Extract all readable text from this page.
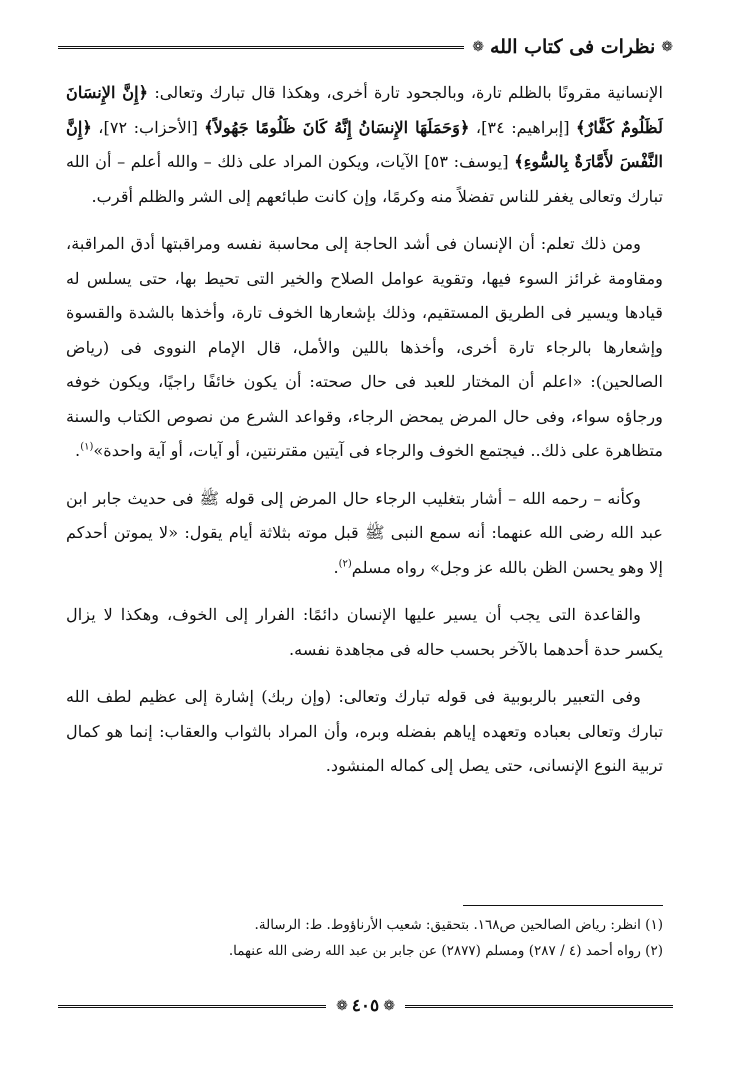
❁
نظرات فى كتاب الله
❁

الإنسانية مقرونًا بالظلم تارة، وبالجحود تارة أخرى، وهكذا قال تبارك وتعالى: ﴿إِنَّ الإِنسَانَ لَظَلُومٌ كَفَّارٌ﴾ [إبراهيم: ٣٤]، ﴿وَحَمَلَهَا الإِنسَانُ إِنَّهُ كَانَ ظَلُومًا جَهُولاً﴾ [الأحزاب: ٧٢]، ﴿إِنَّ النَّفْسَ لأَمَّارَةٌ بِالسُّوءِ﴾ [يوسف: ٥٣] الآيات، ويكون المراد على ذلك – والله أعلم – أن الله تبارك وتعالى يغفر للناس تفضلاً منه وكرمًا، وإن كانت طبائعهم إلى الشر والظلم أقرب.

ومن ذلك تعلم: أن الإنسان فى أشد الحاجة إلى محاسبة نفسه ومراقبتها أدق المراقبة، ومقاومة غرائز السوء فيها، وتقوية عوامل الصلاح والخير التى تحيط بها، حتى يسلس له قيادها ويسير فى الطريق المستقيم، وذلك بإشعارها الخوف تارة، وأخذها بالشدة والقسوة وإشعارها بالرجاء تارة أخرى، وأخذها باللين والأمل، قال الإمام النووى فى (رياض الصالحين): «اعلم أن المختار للعبد فى حال صحته: أن يكون خائفًا راجيًا، ويكون خوفه ورجاؤه سواء، وفى حال المرض يمحض الرجاء، وقواعد الشرع من نصوص الكتاب والسنة متظاهرة على ذلك.. فيجتمع الخوف والرجاء فى آيتين مقترنتين، أو آيات، أو آية واحدة»$^{(١)}$.

وكأنه – رحمه الله – أشار بتغليب الرجاء حال المرض إلى قوله ﷺ فى حديث جابر ابن عبد الله رضى الله عنهما: أنه سمع النبى ﷺ قبل موته بثلاثة أيام يقول: «لا يموتن أحدكم إلا وهو يحسن الظن بالله عز وجل» رواه مسلم$^{(٢)}$.

والقاعدة التى يجب أن يسير عليها الإنسان دائمًا: الفرار إلى الخوف، وهكذا لا يزال يكسر حدة أحدهما بالآخر بحسب حاله فى مجاهدة نفسه.

وفى التعبير بالربوبية فى قوله تبارك وتعالى: (وإن ربك) إشارة إلى عظيم لطف الله تبارك وتعالى بعباده وتعهده إياهم بفضله وبره، وأن المراد بالثواب والعقاب: إنما هو كمال تربية النوع الإنسانى، حتى يصل إلى كماله المنشود.

(١) انظر: رياض الصالحين ص١٦٨. بتحقيق: شعيب الأرناؤوط. ط: الرسالة.

(٢) رواه أحمد (٤ / ٢٨٧) ومسلم (٢٨٧٧) عن جابر بن عبد الله رضى الله عنهما.

❁
٤٠٥
❁
